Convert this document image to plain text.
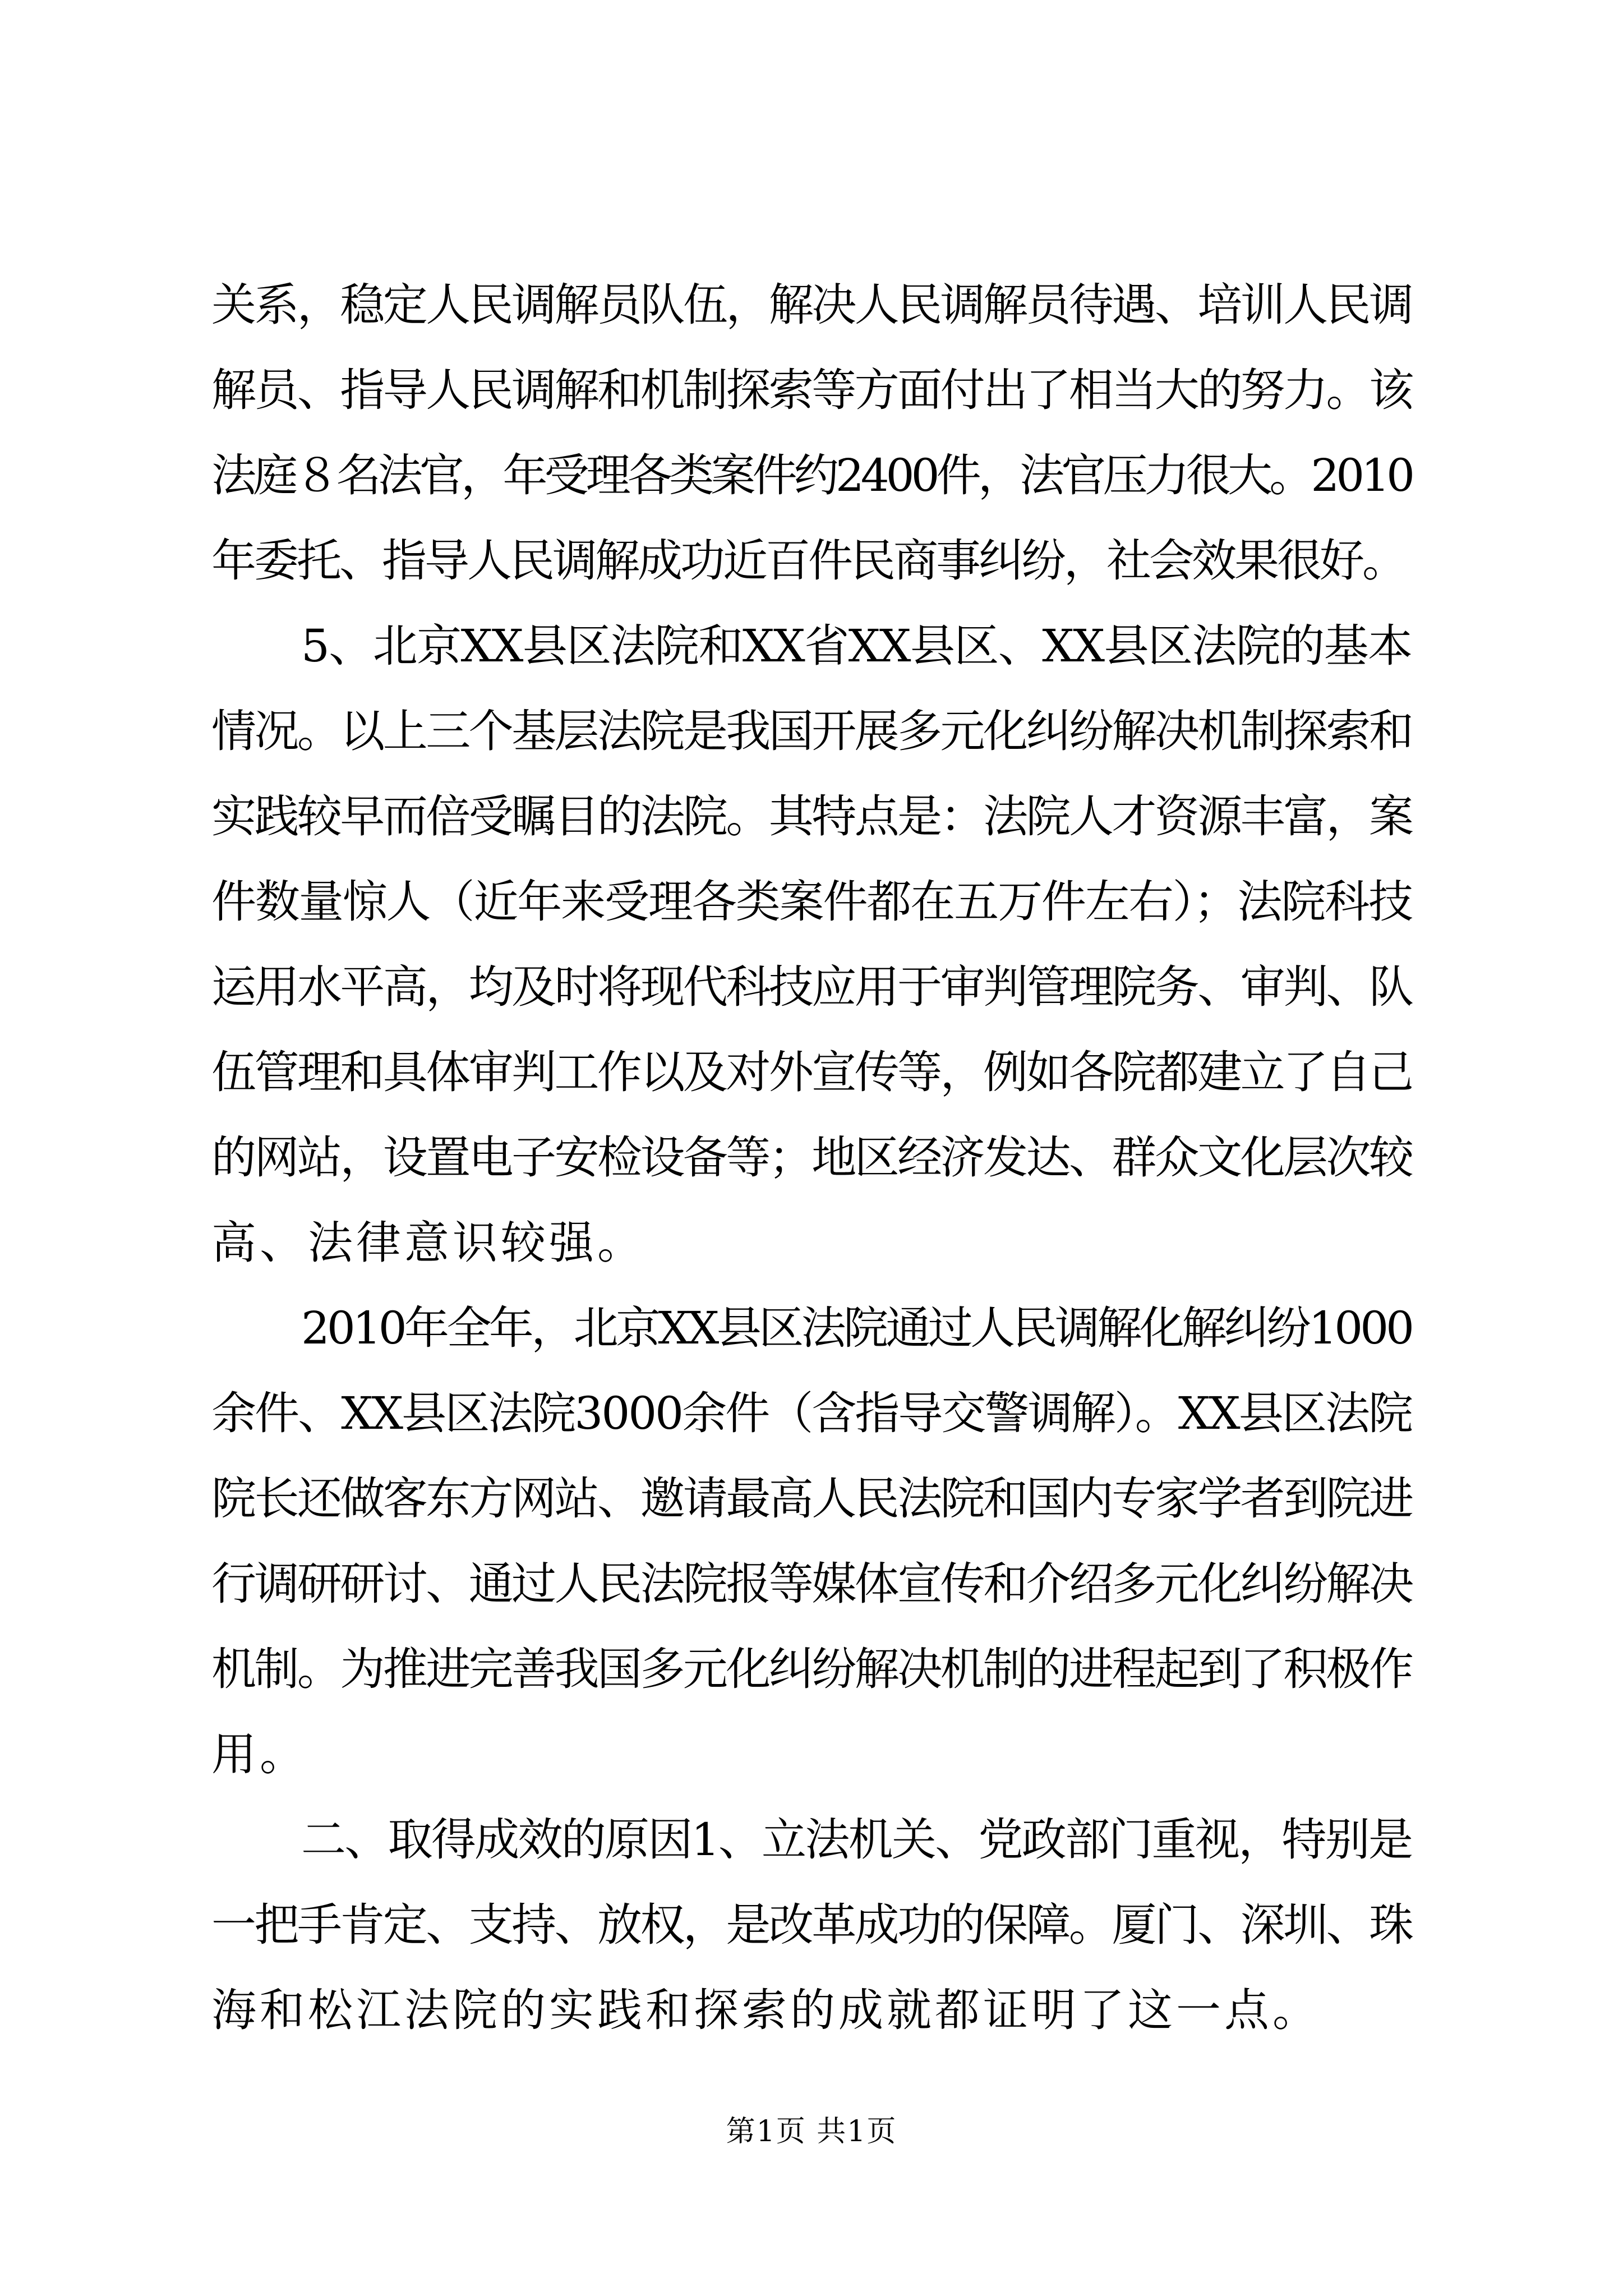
关系，稳定人民调解员队伍，解决人民调解员待遇、培训人民调
解员、指导人民调解和机制探索等方面付出了相当大的努力。该
法庭８名法官，年受理各类案件约2400件，法官压力很大。2010
年委托、指导人民调解成功近百件民商事纠纷，社会效果很好。

5、北京XX县区法院和XX省XX县区、XX县区法院的基本
情况。以上三个基层法院是我国开展多元化纠纷解决机制探索和
实践较早而倍受瞩目的法院。其特点是：法院人才资源丰富，案
件数量惊人（近年来受理各类案件都在五万件左右）；法院科技
运用水平高，均及时将现代科技应用于审判管理院务、审判、队
伍管理和具体审判工作以及对外宣传等，例如各院都建立了自己
的网站，设置电子安检设备等；地区经济发达、群众文化层次较
高、法律意识较强。

2010年全年，北京XX县区法院通过人民调解化解纠纷1000
余件、XX县区法院3000余件（含指导交警调解）。XX县区法院
院长还做客东方网站、邀请最高人民法院和国内专家学者到院进
行调研研讨、通过人民法院报等媒体宣传和介绍多元化纠纷解决
机制。为推进完善我国多元化纠纷解决机制的进程起到了积极作
用。

二、取得成效的原因1、立法机关、党政部门重视，特别是
一把手肯定、支持、放权，是改革成功的保障。厦门、深圳、珠
海和松江法院的实践和探索的成就都证明了这一点。

第1页 共1页
